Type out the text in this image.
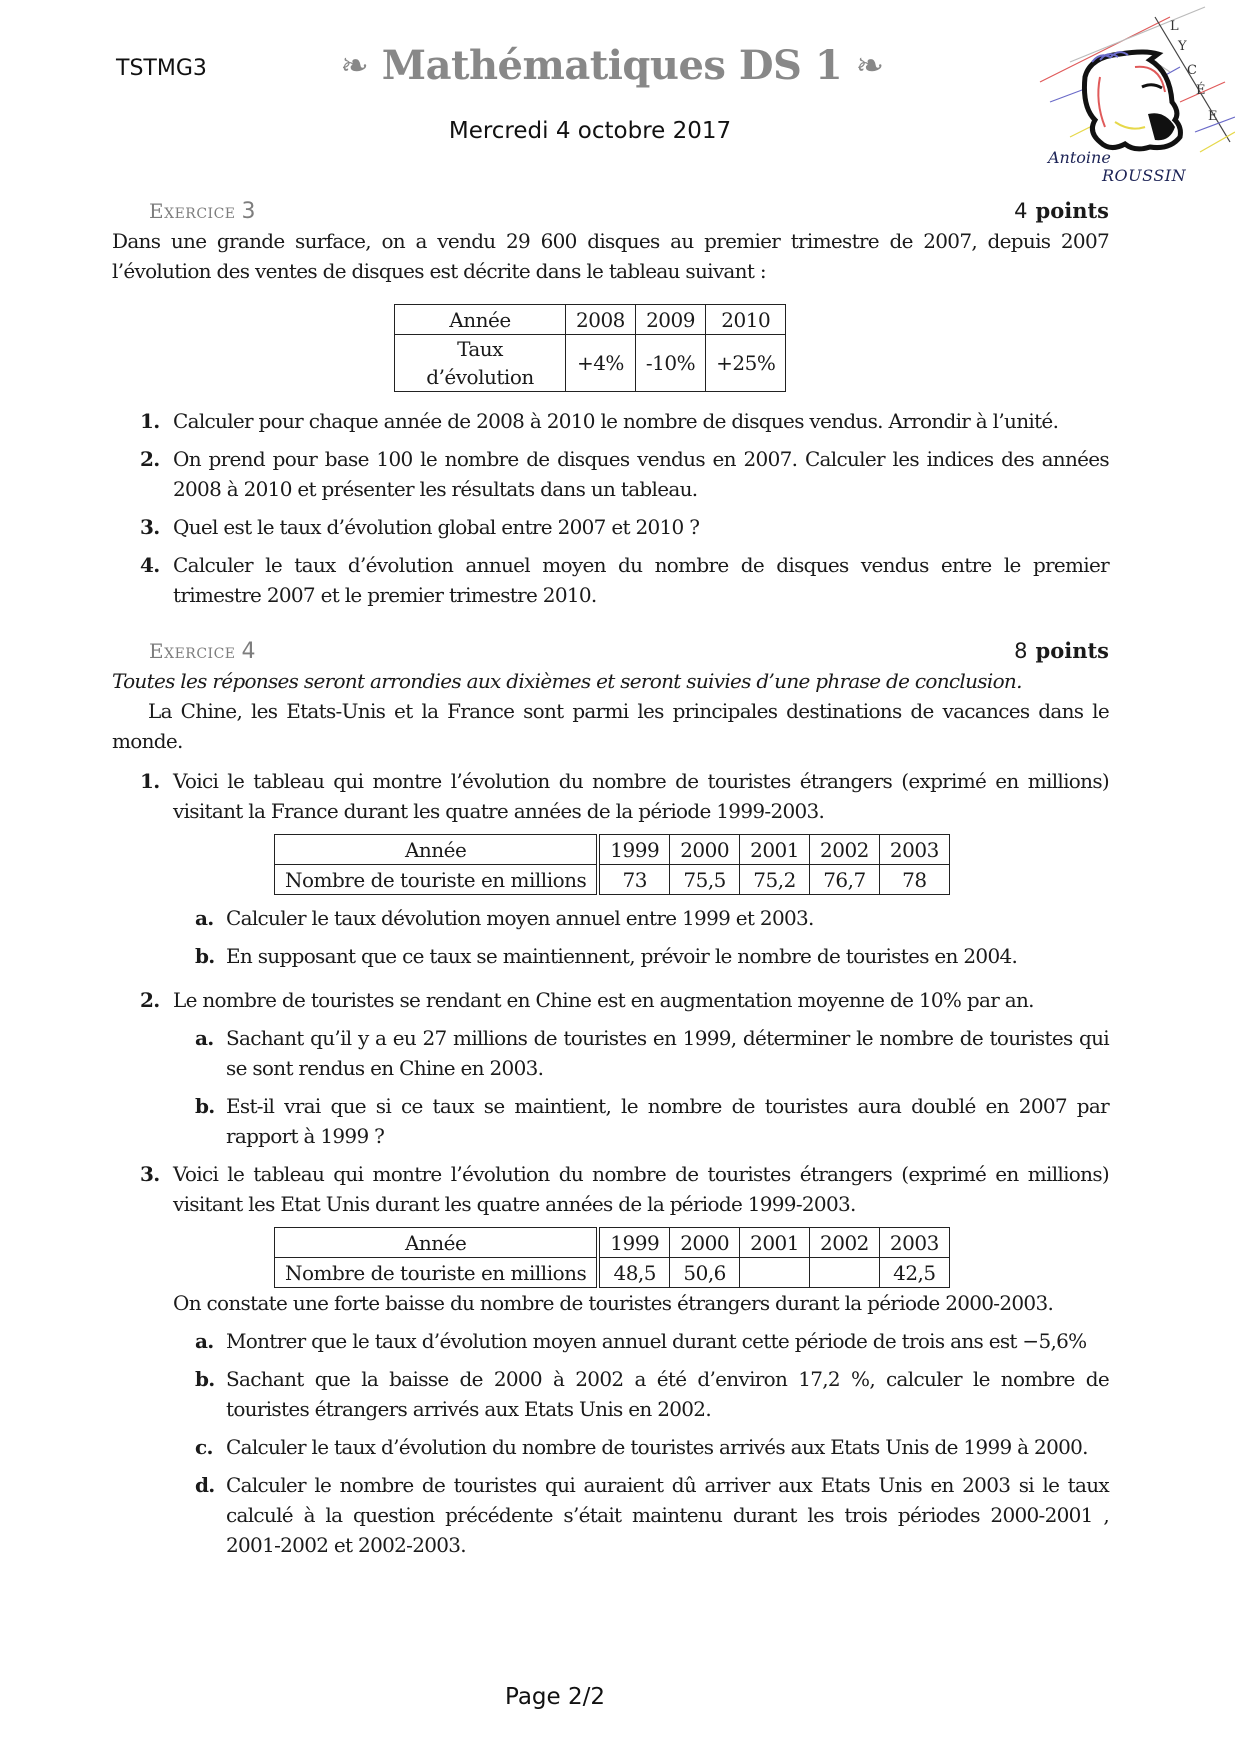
TSTMG3	❧ Mathématiques DS 1 ❧
Mercredi 4 octobre 2017
L
Y
C
É
E
Antoine
ROUSSIN
Exercice 3	4 points

Dans une grande surface, on a vendu 29 600 disques au premier trimestre de 2007, depuis 2007 l’évolution des ventes de disques est décrite dans le tableau suivant :

Année	2008	2009	2010
Taux d’évolution	+4%	-10%	+25%
1. Calculer pour chaque année de 2008 à 2010 le nombre de disques vendus. Arrondir à l’unité.
2. On prend pour base 100 le nombre de disques vendus en 2007. Calculer les indices des années 2008 à 2010 et présenter les résultats dans un tableau.
3. Quel est le taux d’évolution global entre 2007 et 2010 ?
4. Calculer le taux d’évolution annuel moyen du nombre de disques vendus entre le premier trimestre 2007 et le premier trimestre 2010.
Exercice 4	8 points

Toutes les réponses seront arrondies aux dixièmes et seront suivies d’une phrase de conclusion.

La Chine, les Etats-Unis et la France sont parmi les principales destinations de vacances dans le monde.

1. Voici le tableau qui montre l’évolution du nombre de touristes étrangers (exprimé en millions) visitant la France durant les quatre années de la période 1999-2003.
Année	1999	2000	2001	2002	2003
Nombre de touriste en millions	73	75,5	75,2	76,7	78
a. Calculer le taux dévolution moyen annuel entre 1999 et 2003.
b. En supposant que ce taux se maintiennent, prévoir le nombre de touristes en 2004.
2. Le nombre de touristes se rendant en Chine est en augmentation moyenne de 10% par an.
a. Sachant qu’il y a eu 27 millions de touristes en 1999, déterminer le nombre de touristes qui se sont rendus en Chine en 2003.
b. Est-il vrai que si ce taux se maintient, le nombre de touristes aura doublé en 2007 par rapport à 1999 ?
3. Voici le tableau qui montre l’évolution du nombre de touristes étrangers (exprimé en millions) visitant les Etat Unis durant les quatre années de la période 1999-2003.
Année	1999	2000	2001	2002	2003
Nombre de touriste en millions	48,5	50,6			42,5

On constate une forte baisse du nombre de touristes étrangers durant la période 2000-2003.

a. Montrer que le taux d’évolution moyen annuel durant cette période de trois ans est −5,6%
b. Sachant que la baisse de 2000 à 2002 a été d’environ 17,2 %, calculer le nombre de touristes étrangers arrivés aux Etats Unis en 2002.
c. Calculer le taux d’évolution du nombre de touristes arrivés aux Etats Unis de 1999 à 2000.
d. Calculer le nombre de touristes qui auraient dû arriver aux Etats Unis en 2003 si le taux calculé à la question précédente s’était maintenu durant les trois périodes 2000-2001 , 2001-2002 et 2002-2003.
Page 2/2
